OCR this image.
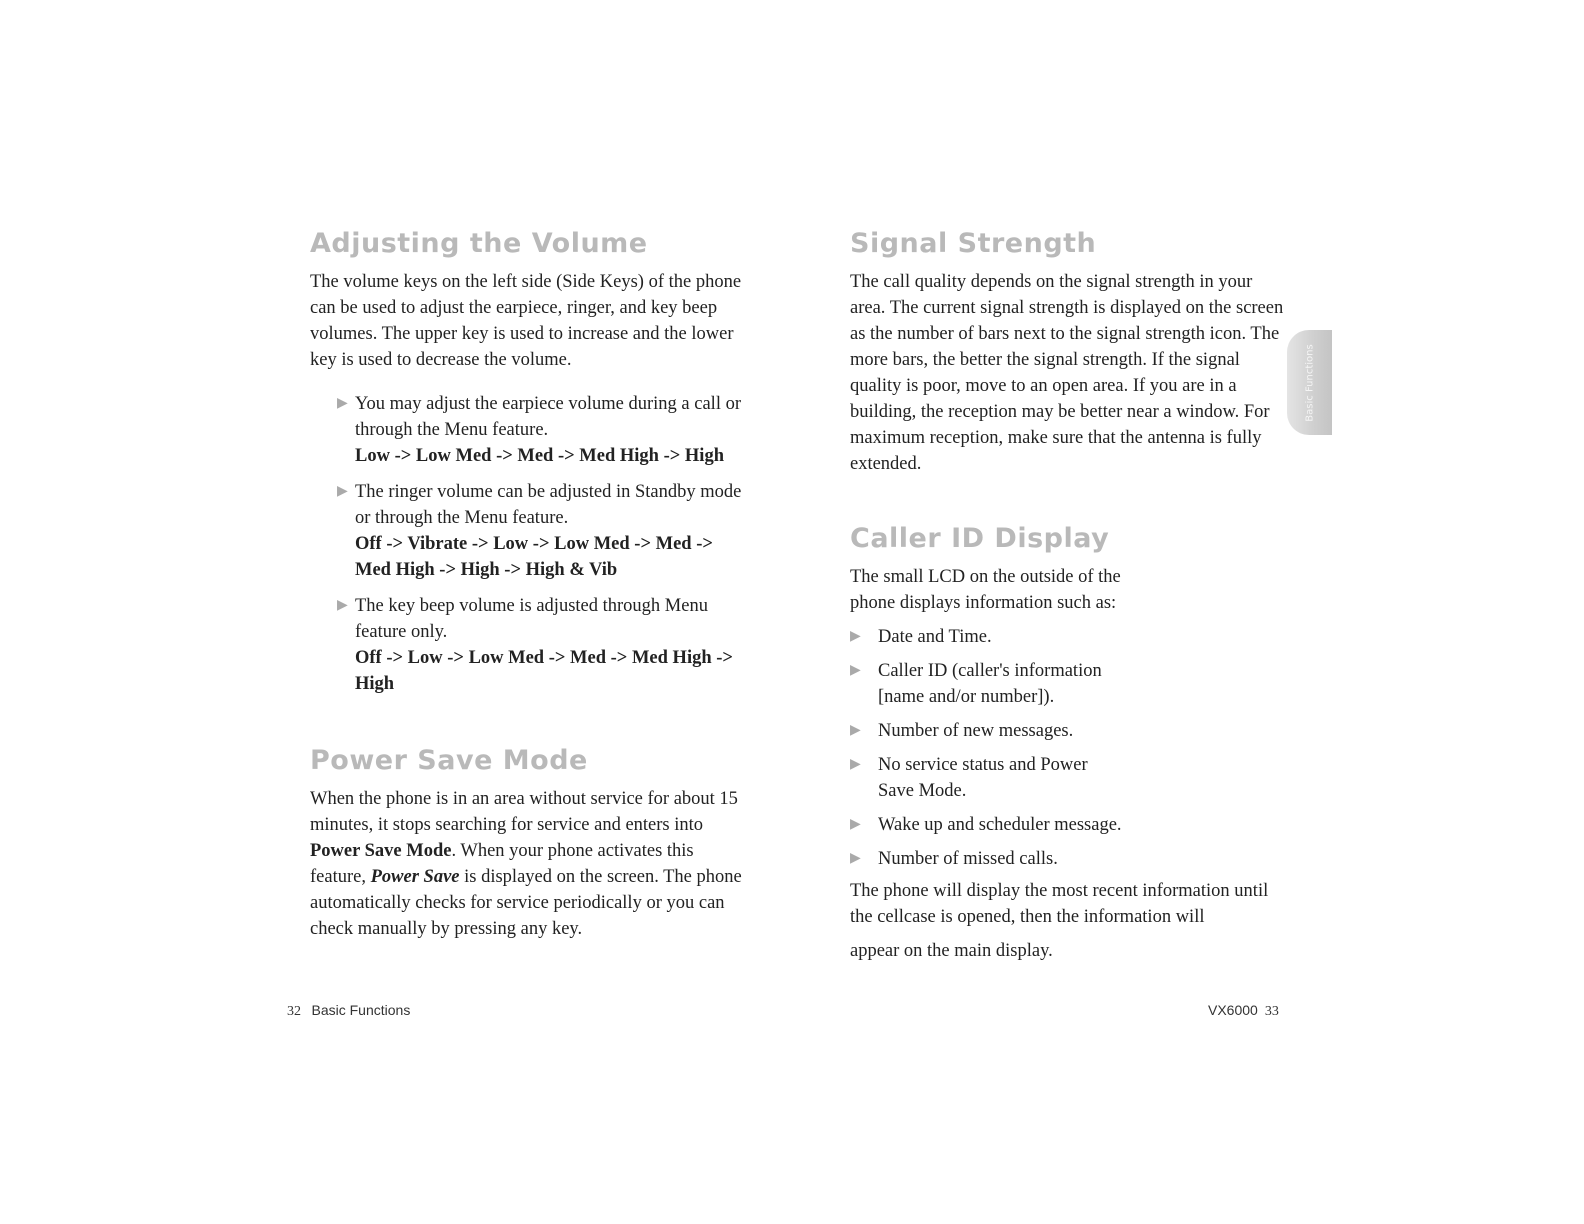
Adjusting the Volume

The volume keys on the left side (Side Keys) of the phone can be used to adjust the earpiece, ringer, and key beep volumes. The upper key is used to increase and the lower key is used to decrease the volume.

▶ You may adjust the earpiece volume during a call or through the Menu feature.
Low -> Low Med -> Med -> Med High -> High
▶ The ringer volume can be adjusted in Standby mode or through the Menu feature.
Off -> Vibrate -> Low -> Low Med -> Med -> Med High -> High -> High & Vib
▶ The key beep volume is adjusted through Menu feature only.
Off -> Low -> Low Med -> Med -> Med High -> High
Power Save Mode

When the phone is in an area without service for about 15 minutes, it stops searching for service and enters into Power Save Mode. When your phone activates this feature, Power Save is displayed on the screen. The phone automatically checks for service periodically or you can check manually by pressing any key.

Signal Strength

The call quality depends on the signal strength in your area. The current signal strength is displayed on the screen as the number of bars next to the signal strength icon. The more bars, the better the signal strength. If the signal quality is poor, move to an open area. If you are in a building, the reception may be better near a window. For maximum reception, make sure that the antenna is fully extended.

Caller ID Display

The small LCD on the outside of the phone displays information such as:

▶ Date and Time.
▶ Caller ID (caller's information [name and/or number]).
▶ Number of new messages.
▶ No service status and Power Save Mode.
▶ Wake up and scheduler message.
▶ Number of missed calls.

The phone will display the most recent information until the cellcase is opened, then the information will

appear on the main display.

Basic Functions
32 Basic Functions	VX6000 33
